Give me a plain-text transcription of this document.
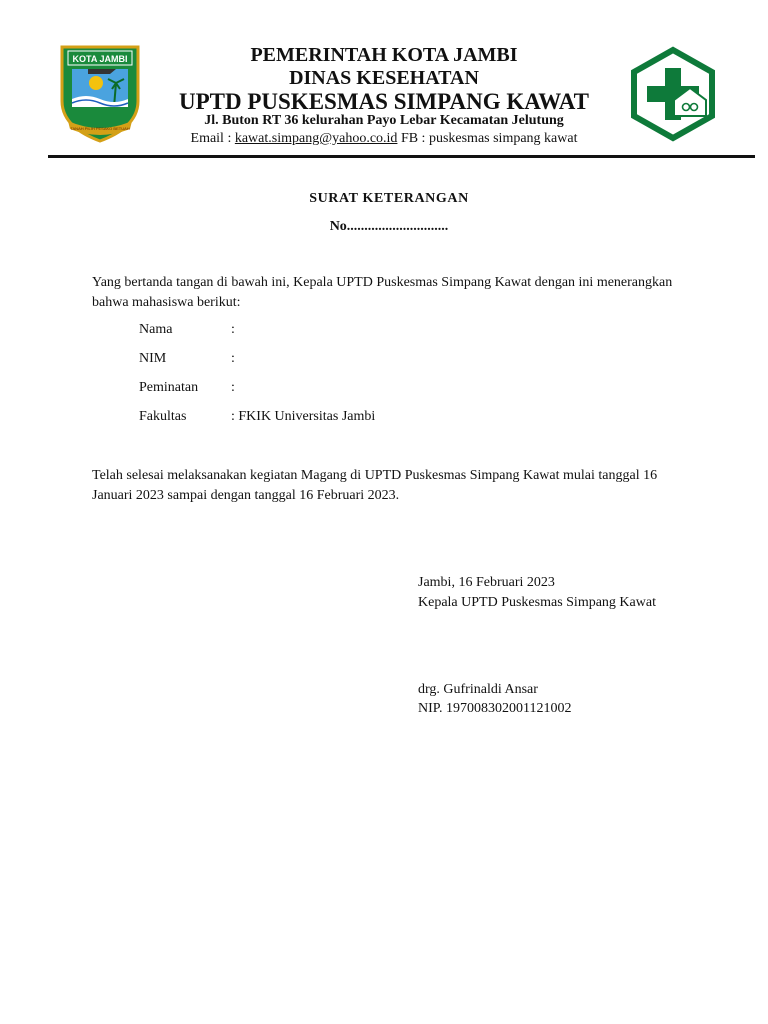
KOTA JAMBI
TANAH PILIH PESAKO BETUAH
PEMERINTAH KOTA JAMBI
DINAS KESEHATAN
UPTD PUSKESMAS SIMPANG KAWAT
Jl. Buton RT 36 kelurahan Payo Lebar Kecamatan Jelutung
Email : kawat.simpang@yahoo.co.id FB : puskesmas simpang kawat
SURAT KETERANGAN
No.............................
Yang bertanda tangan di bawah ini, Kepala UPTD Puskesmas Simpang Kawat dengan ini menerangkan bahwa mahasiswa berikut:
Nama	:
NIM	:
Peminatan :
Fakultas	: FKIK Universitas Jambi
Telah selesai melaksanakan kegiatan Magang di UPTD Puskesmas Simpang Kawat mulai tanggal 16 Januari 2023 sampai dengan tanggal 16 Februari 2023.
Jambi, 16 Februari 2023
Kepala UPTD Puskesmas Simpang Kawat
drg. Gufrinaldi Ansar
NIP. 197008302001121002
